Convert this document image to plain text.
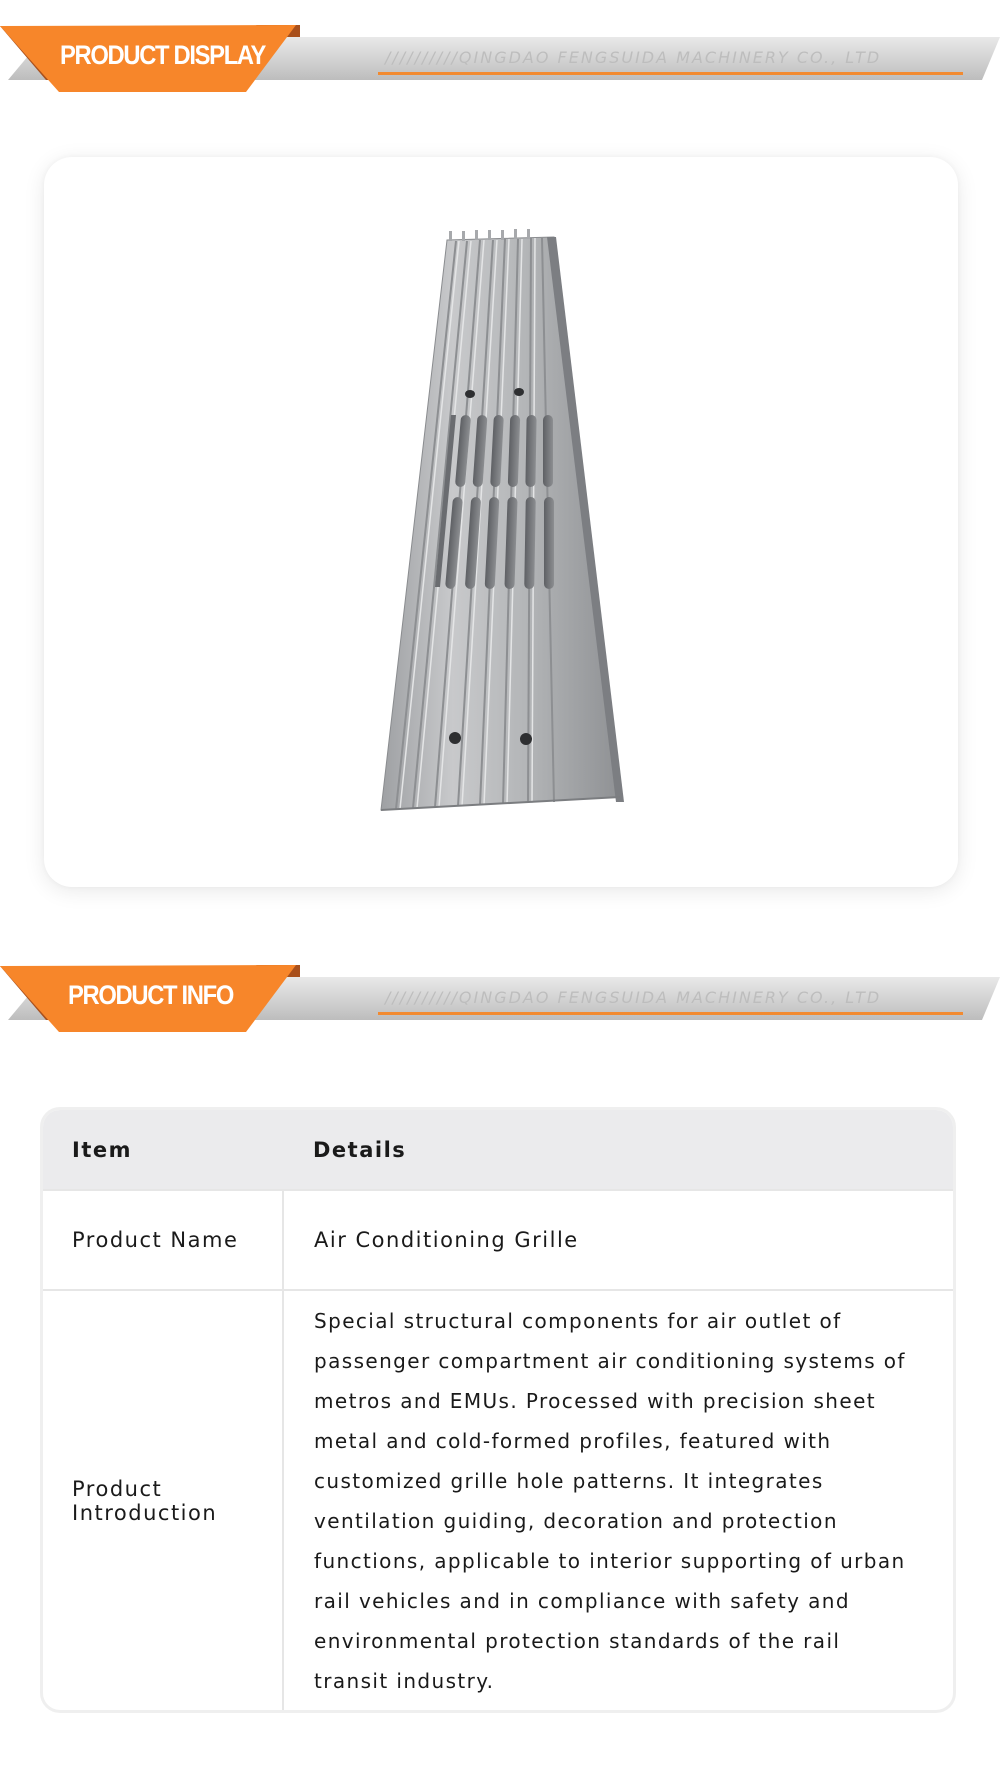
PRODUCT DISPLAY	//////////QINGDAO FENGSUIDA MACHINERY CO., LTD
PRODUCT INFO	//////////QINGDAO FENGSUIDA MACHINERY CO., LTD
Item	Details
Product Name	Air Conditioning Grille
Product Introduction	Special structural components for air outlet of passenger compartment air conditioning systems of metros and EMUs. Processed with precision sheet metal and cold-formed profiles, featured with customized grille hole patterns. It integrates ventilation guiding, decoration and protection functions, applicable to interior supporting of urban rail vehicles and in compliance with safety and environmental protection standards of the rail transit industry.
